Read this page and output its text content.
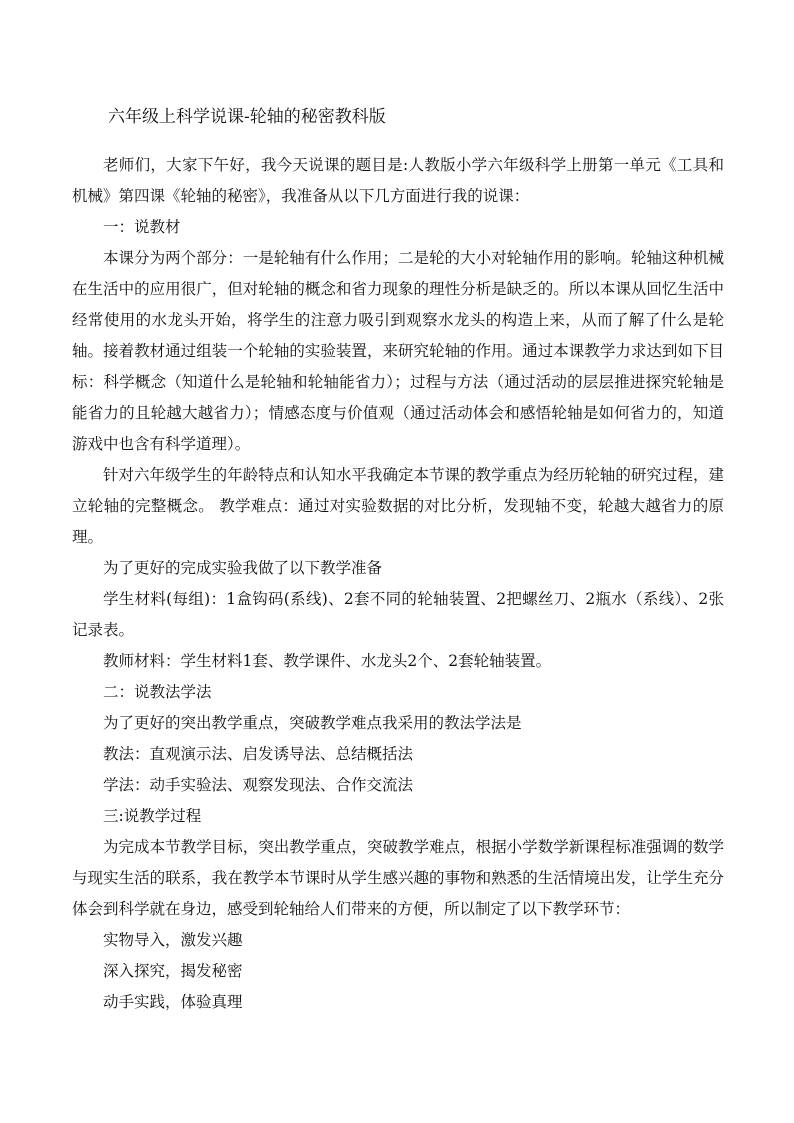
六年级上科学说课-轮轴的秘密教科版

老师们，大家下午好，我今天说课的题目是:人教版小学六年级科学上册第一单元《工具和机械》第四课《轮轴的秘密》，我准备从以下几方面进行我的说课：

一：说教材

本课分为两个部分：一是轮轴有什么作用；二是轮的大小对轮轴作用的影响。轮轴这种机械在生活中的应用很广，但对轮轴的概念和省力现象的理性分析是缺乏的。所以本课从回忆生活中经常使用的水龙头开始，将学生的注意力吸引到观察水龙头的构造上来，从而了解了什么是轮轴。接着教材通过组装一个轮轴的实验装置，来研究轮轴的作用。通过本课教学力求达到如下目标：科学概念（知道什么是轮轴和轮轴能省力）；过程与方法（通过活动的层层推进探究轮轴是能省力的且轮越大越省力）；情感态度与价值观（通过活动体会和感悟轮轴是如何省力的，知道游戏中也含有科学道理）。

针对六年级学生的年龄特点和认知水平我确定本节课的教学重点为经历轮轴的研究过程，建立轮轴的完整概念。 教学难点：通过对实验数据的对比分析，发现轴不变，轮越大越省力的原理。

为了更好的完成实验我做了以下教学准备

学生材料(每组)：1盒钩码(系线)、2套不同的轮轴装置、2把螺丝刀、2瓶水（系线）、2张记录表。

教师材料：学生材料1套、教学课件、水龙头2个、2套轮轴装置。

二：说教法学法

为了更好的突出教学重点，突破教学难点我采用的教法学法是

教法：直观演示法、启发诱导法、总结概括法

学法：动手实验法、观察发现法、合作交流法

三:说教学过程

为完成本节教学目标，突出教学重点，突破教学难点，根据小学数学新课程标准强调的数学与现实生活的联系，我在教学本节课时从学生感兴趣的事物和熟悉的生活情境出发，让学生充分体会到科学就在身边，感受到轮轴给人们带来的方便，所以制定了以下教学环节：

实物导入，激发兴趣

深入探究，揭发秘密

动手实践，体验真理
